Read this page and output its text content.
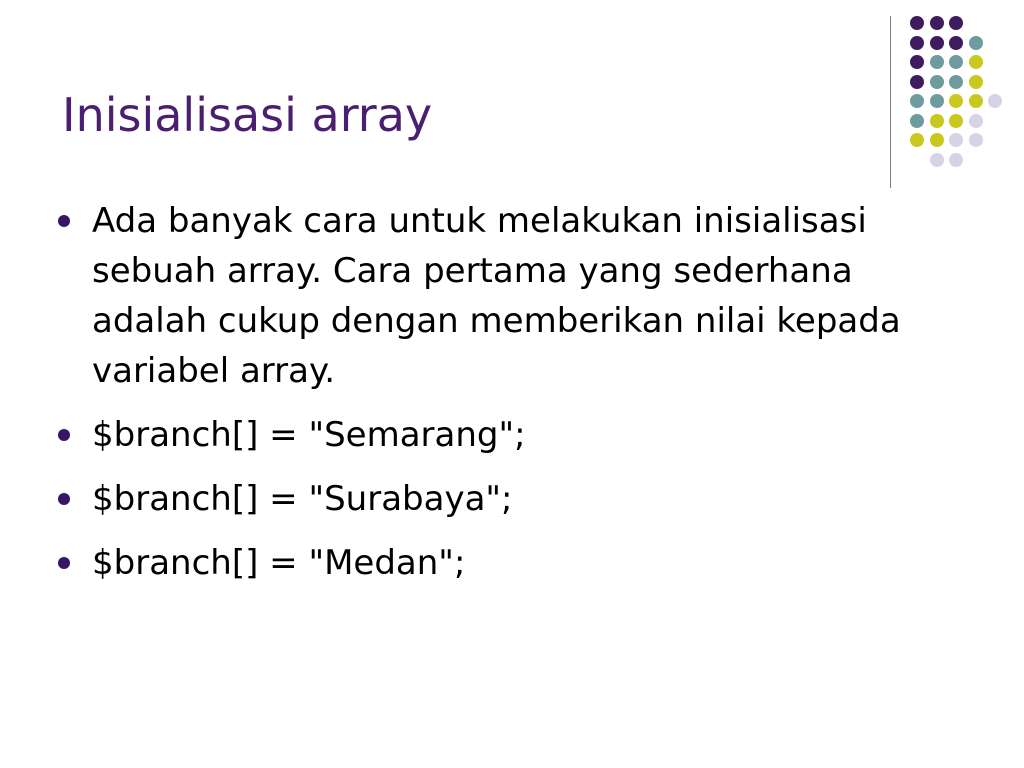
Inisialisasi array
Ada banyak cara untuk melakukan inisialisasi sebuah array. Cara pertama yang sederhana adalah cukup dengan memberikan nilai kepada variabel array.
$branch[] = "Semarang";
$branch[] = "Surabaya";
$branch[] = "Medan";
